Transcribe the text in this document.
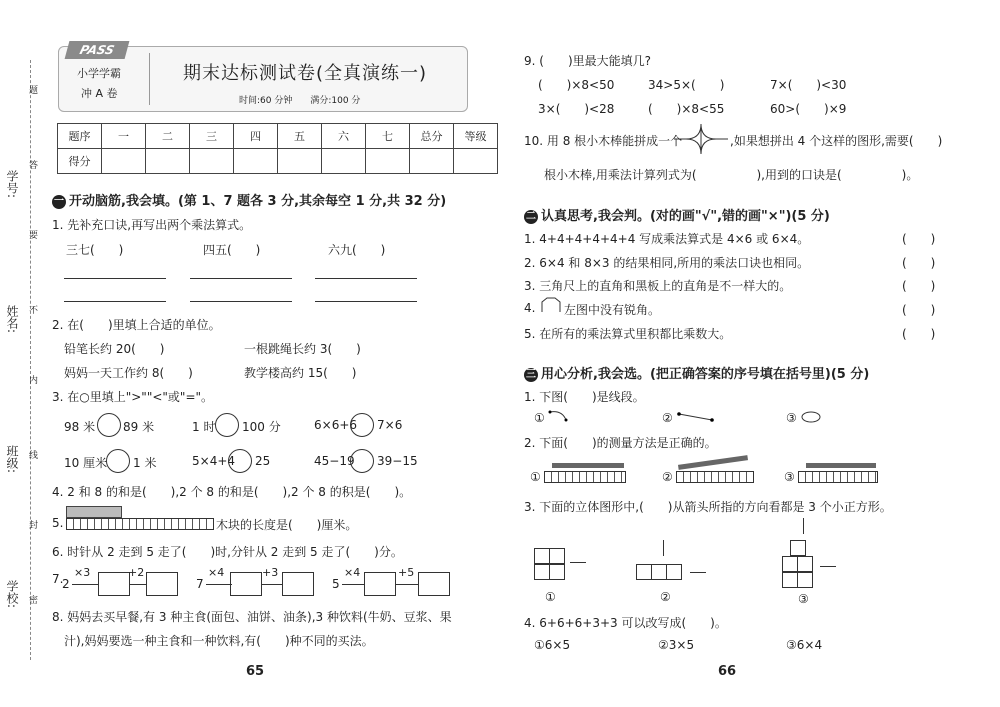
学校:
班级:
姓名:
学号:
题
答
要
不
内
线
封
密
PASS
小学学霸
冲 A 卷
期末达标测试卷(全真演练一)
时间:60 分钟　　满分:100 分
题序	一	二	三	四	五	六	七	总分	等级
得分									
一 开动脑筋,我会填。(第 1、7 题各 3 分,其余每空 1 分,共 32 分)
1. 先补充口诀,再写出两个乘法算式。
三七(　　)	四五(　　)	六九(　　)
2. 在(　　)里填上合适的单位。
铅笔长约 20(　　)	一根跳绳长约 3(　　)
妈妈一天工作约 8(　　)	教学楼高约 15(　　)
3. 在○里填上">""<"或"="。
98 米 89 米	1 时 100 分	6×6+6 7×6
10 厘米 1 米	5×4+4 25	45−19 39−15
4. 2 和 8 的和是(　　),2 个 8 的和是(　　),2 个 8 的积是(　　)。
5.	木块的长度是(　　)厘米。
6. 时针从 2 走到 5 走了(　　)时,分针从 2 走到 5 走了(　　)分。
7.
2
×3	+2
7
×4	+3
5
×4	+5
8. 妈妈去买早餐,有 3 种主食(面包、油饼、油条),3 种饮料(牛奶、豆浆、果
汁),妈妈要选一种主食和一种饮料,有(　　)种不同的买法。
65
9. (　　)里最大能填几?
(　　)×8<50	34>5×(　　)	7×(　　)<30
3×(　　)<28	(　　)×8<55	60>(　　)×9
10. 用 8 根小木棒能拼成一个	,如果想拼出 4 个这样的图形,需要(　　)
根小木棒,用乘法计算列式为(　　　　　),用到的口诀是(　　　　　)。
二 认真思考,我会判。(对的画"√",错的画"×")(5 分)
1. 4+4+4+4+4+4 写成乘法算式是 4×6 或 6×4。	(　　)
2. 6×4 和 8×3 的结果相同,所用的乘法口诀也相同。	(　　)
3. 三角尺上的直角和黑板上的直角是不一样大的。	(　　)
4. 左图中没有锐角。	(　　)
5. 在所有的乘法算式里积都比乘数大。	(　　)
三 用心分析,我会选。(把正确答案的序号填在括号里)(5 分)
1. 下图(　　)是线段。
①	②	③
2. 下面(　　)的测量方法是正确的。
①	②	③
3. 下面的立体图形中,(　　)从箭头所指的方向看都是 3 个小正方形。
①	②	③
4. 6+6+6+3+3 可以改写成(　　)。
①6×5	②3×5	③6×4
66
